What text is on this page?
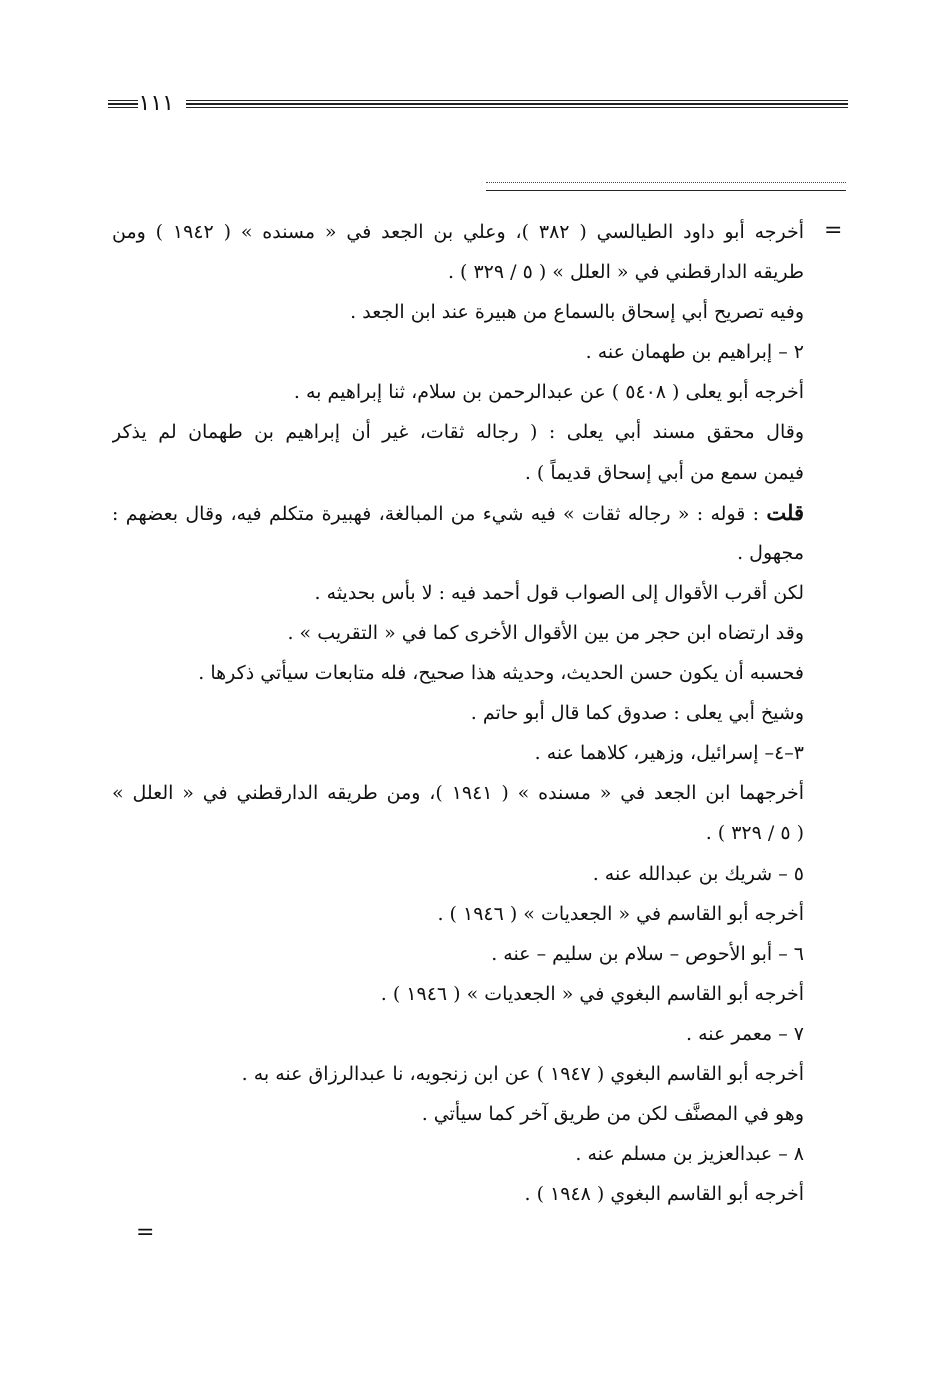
١١١
=
=
أخرجه أبو داود الطيالسي ( ٣٨٢ )، وعلي بن الجعد في « مسنده » ( ١٩٤٢ ) ومن
طريقه الدارقطني في « العلل » ( ٥ / ٣٢٩ ) .
وفيه تصريح أبي إسحاق بالسماع من هبيرة عند ابن الجعد .
٢ – إبراهيم بن طهمان عنه .
أخرجه أبو يعلى ( ٥٤٠٨ ) عن عبدالرحمن بن سلام، ثنا إبراهيم به .
وقال محقق مسند أبي يعلى : ( رجاله ثقات، غير أن إبراهيم بن طهمان لم يذكر
فيمن سمع من أبي إسحاق قديماً ) .
قلت : قوله : « رجاله ثقات » فيه شيء من المبالغة، فهبيرة متكلم فيه، وقال بعضهم :
مجهول .
لكن أقرب الأقوال إلى الصواب قول أحمد فيه : لا بأس بحديثه .
وقد ارتضاه ابن حجر من بين الأقوال الأخرى كما في « التقريب » .
فحسبه أن يكون حسن الحديث، وحديثه هذا صحيح، فله متابعات سيأتي ذكرها .
وشيخ أبي يعلى : صدوق كما قال أبو حاتم .
٣–٤– إسرائيل، وزهير، كلاهما عنه .
أخرجهما ابن الجعد في « مسنده » ( ١٩٤١ )، ومن طريقه الدارقطني في « العلل »
( ٥ / ٣٢٩ ) .
٥ – شريك بن عبدالله عنه .
أخرجه أبو القاسم في « الجعديات » ( ١٩٤٦ ) .
٦ – أبو الأحوص – سلام بن سليم – عنه .
أخرجه أبو القاسم البغوي في « الجعديات » ( ١٩٤٦ ) .
٧ – معمر عنه .
أخرجه أبو القاسم البغوي ( ١٩٤٧ ) عن ابن زنجويه، نا عبدالرزاق عنه به .
وهو في المصنَّف لكن من طريق آخر كما سيأتي .
٨ – عبدالعزيز بن مسلم عنه .
أخرجه أبو القاسم البغوي ( ١٩٤٨ ) .
